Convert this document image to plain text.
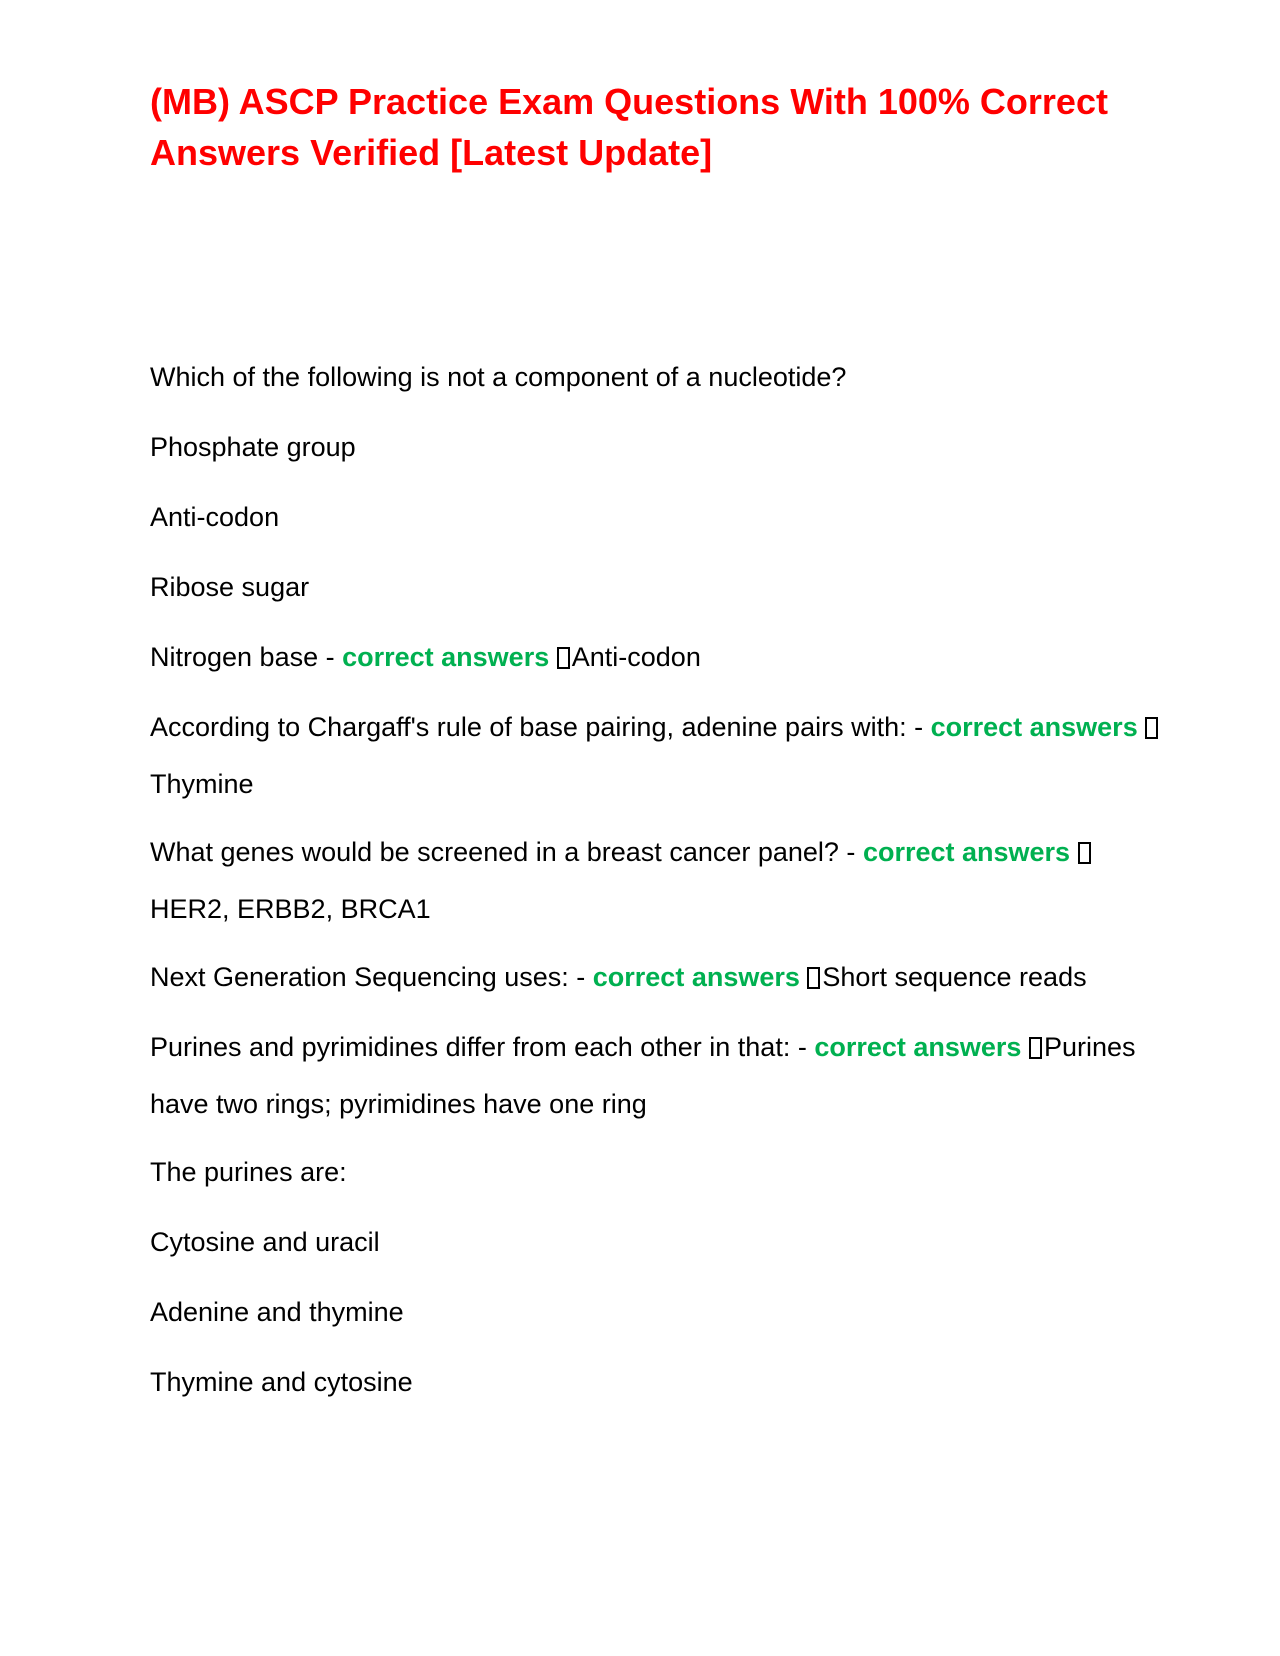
(MB) ASCP Practice Exam Questions With 100% Correct Answers Verified [Latest Update]

Which of the following is not a component of a nucleotide?

Phosphate group

Anti-codon

Ribose sugar

Nitrogen base - correct answers Anti-codon

According to Chargaff's rule of base pairing, adenine pairs with: - correct answers Thymine

What genes would be screened in a breast cancer panel? - correct answers HER2, ERBB2, BRCA1

Next Generation Sequencing uses: - correct answers Short sequence reads

Purines and pyrimidines differ from each other in that: - correct answers Purines have two rings; pyrimidines have one ring

The purines are:

Cytosine and uracil

Adenine and thymine

Thymine and cytosine
